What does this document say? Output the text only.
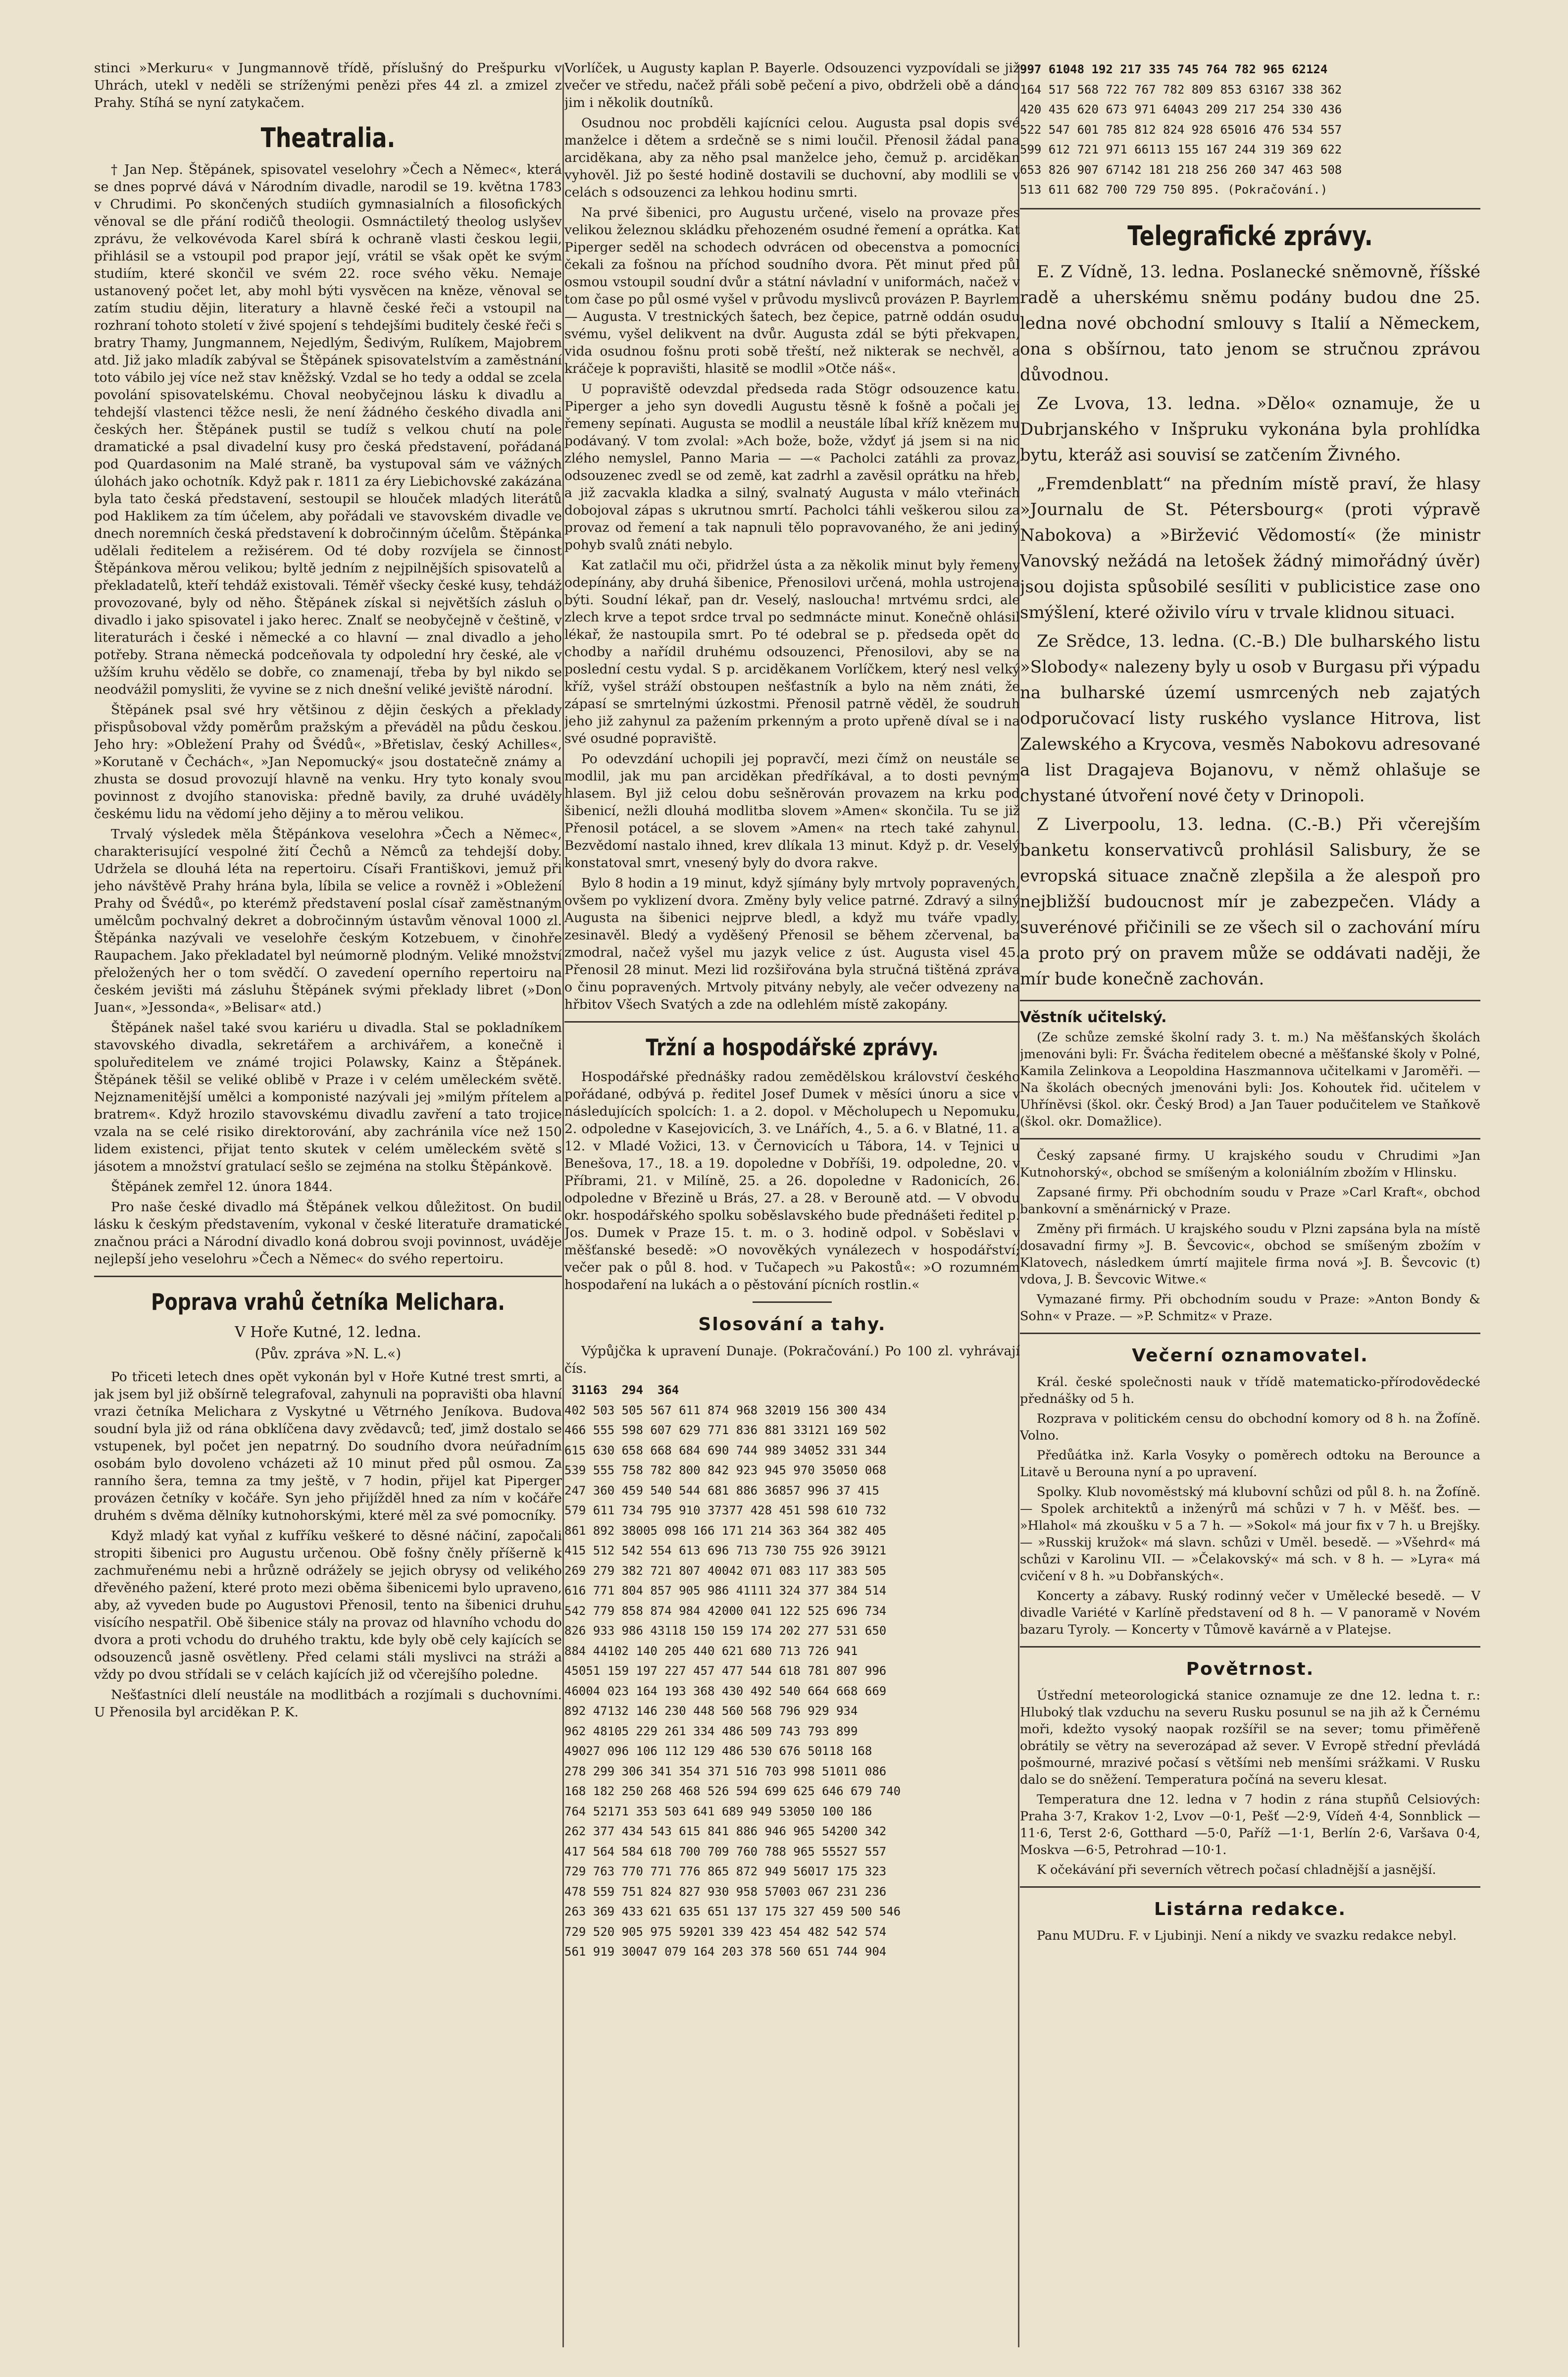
stinci »Merkuru« v Jungmannově třídě, příslušný do Prešpurku v Uhrách, utekl v neděli se stríženými penězi přes 44 zl. a zmizel z Prahy. Stíhá se nyní zatykačem.

Theatralia.

† Jan Nep. Štěpánek, spisovatel veselohry »Čech a Němec«, která se dnes poprvé dává v Národním divadle, narodil se 19. května 1783 v Chrudimi. Po skončených studiích gymnasialních a filosofických věnoval se dle přání rodičů theologii. Osmnáctiletý theolog uslyšev zprávu, že velkovévoda Karel sbírá k ochraně vlasti českou legii, přihlásil se a vstoupil pod prapor její, vrátil se však opět ke svým studiím, které skončil ve svém 22. roce svého věku. Nemaje ustanovený počet let, aby mohl býti vysvěcen na kněze, věnoval se zatím studiu dějin, literatury a hlavně české řeči a vstoupil na rozhraní tohoto století v živé spojení s tehdejšími buditely české řeči s bratry Thamy, Jungmannem, Nejedlým, Šedivým, Rulíkem, Majobrem atd. Již jako mladík zabýval se Štěpánek spisovatelstvím a zaměstnání toto vábilo jej více než stav kněžský. Vzdal se ho tedy a oddal se zcela povolání spisovatelskému. Choval neobyčejnou lásku k divadlu a tehdejší vlastenci těžce nesli, že není žádného českého divadla ani českých her. Štěpánek pustil se tudíž s velkou chutí na pole dramatické a psal divadelní kusy pro česká představení, pořádaná pod Quardasonim na Malé straně, ba vystupoval sám ve vážných úlohách jako ochotník. Když pak r. 1811 za éry Liebichovské zakázána byla tato česká představení, sestoupil se hlouček mladých literátů pod Haklikem za tím účelem, aby pořádali ve stavovském divadle ve dnech noremních česká představení k dobročinným účelům. Štěpánka udělali ředitelem a režisérem. Od té doby rozvíjela se činnost Štěpánkova měrou velikou; byltě jedním z nejpilnějších spisovatelů a překladatelů, kteří tehdáž existovali. Téměř všecky české kusy, tehdáž provozované, byly od něho. Štěpánek získal si největších zásluh o divadlo i jako spisovatel i jako herec. Znalť se neobyčejně v češtině, v literaturách i české i německé a co hlavní — znal divadlo a jeho potřeby. Strana německá podceňovala ty odpolední hry české, ale v užším kruhu vědělo se dobře, co znamenají, třeba by byl nikdo se neodvážil pomysliti, že vyvine se z nich dnešní veliké jeviště národní.

Štěpánek psal své hry většinou z dějin českých a překlady přispůsoboval vždy poměrům pražským a převáděl na půdu českou. Jeho hry: »Obležení Prahy od Švédů«, »Břetislav, český Achilles«, »Korutaně v Čechách«, »Jan Nepomucký« jsou dostatečně známy a zhusta se dosud provozují hlavně na venku. Hry tyto konaly svou povinnost z dvojího stanoviska: předně bavily, za druhé uváděly českému lidu na vědomí jeho dějiny a to měrou velikou.

Trvalý výsledek měla Štěpánkova veselohra »Čech a Němec«, charakterisující vespolné žití Čechů a Němců za tehdejší doby. Udržela se dlouhá léta na repertoiru. Císaři Františkovi, jemuž při jeho návštěvě Prahy hrána byla, líbila se velice a rovněž i »Obležení Prahy od Švédů«, po kterémž představení poslal císař zaměstnaným umělcům pochvalný dekret a dobročinným ústavům věnoval 1000 zl. Štěpánka nazývali ve veselohře českým Kotzebuem, v činohře Raupachem. Jako překladatel byl neúmorně plodným. Veliké množství přeložených her o tom svědčí. O zavedení operního repertoiru na českém jevišti má zásluhu Štěpánek svými překlady libret (»Don Juan«, »Jessonda«, »Belisar« atd.)

Štěpánek našel také svou kariéru u divadla. Stal se pokladníkem stavovského divadla, sekretářem a archivářem, a konečně i spoluředitelem ve známé trojici Polawsky, Kainz a Štěpánek. Štěpánek těšil se veliké oblibě v Praze i v celém uměleckém světě. Nejznamenitější umělci a komponisté nazývali jej »milým přítelem a bratrem«. Když hrozilo stavovskému divadlu zavření a tato trojice vzala na se celé risiko direktorování, aby zachránila více než 150 lidem existenci, přijat tento skutek v celém uměleckém světě s jásotem a množství gratulací sešlo se zejména na stolku Štěpánkově.

Štěpánek zemřel 12. února 1844.

Pro naše české divadlo má Štěpánek velkou důležitost. On budil lásku k českým představením, vykonal v české literatuře dramatické značnou práci a Národní divadlo koná dobrou svoji povinnost, uváděje nejlepší jeho veselohru »Čech a Němec« do svého repertoiru.

Poprava vrahů četníka Melichara.
V Hoře Kutné, 12. ledna.
(Pův. zpráva »N. L.«)

Po třiceti letech dnes opět vykonán byl v Hoře Kutné trest smrti, a jak jsem byl již obšírně telegrafoval, zahynuli na popravišti oba hlavní vrazi četníka Melichara z Vyskytné u Větrného Jeníkova. Budova soudní byla již od rána obklíčena davy zvědavců; teď, jimž dostalo se vstupenek, byl počet jen nepatrný. Do soudního dvora neúřadním osobám bylo dovoleno vcházeti až 10 minut před půl osmou. Za ranního šera, temna za tmy ještě, v 7 hodin, přijel kat Piperger provázen četníky v kočáře. Syn jeho přijížděl hned za ním v kočáře druhém s dvěma dělníky kutnohorskými, které měl za své pomocníky.

Když mladý kat vyňal z kufříku veškeré to děsné náčiní, započali stropiti šibenici pro Augustu určenou. Obě fošny čněly příšerně k zachmuřenému nebi a hrůzně odrážely se jejich obrysy od velikého dřevěného pažení, které proto mezi oběma šibenicemi bylo upraveno, aby, až vyveden bude po Augustovi Přenosil, tento na šibenici druhu visícího nespatřil. Obě šibenice stály na provaz od hlavního vchodu do dvora a proti vchodu do druhého traktu, kde byly obě cely kajících se odsouzenců jasně osvětleny. Před celami stáli myslivci na stráži a vždy po dvou střídali se v celách kajících již od včerejšího poledne.

Nešťastníci dlelí neustále na modlitbách a rozjímali s duchovními. U Přenosila byl arciděkan P. K.

Vorlíček, u Augusty kaplan P. Bayerle. Odsouzenci vyzpovídali se již večer ve středu, načež přáli sobě pečení a pivo, obdrželi obě a dáno jim i několik doutníků.

Osudnou noc probděli kajícníci celou. Augusta psal dopis své manželce i dětem a srdečně se s nimi loučil. Přenosil žádal pana arciděkana, aby za něho psal manželce jeho, čemuž p. arciděkan vyhověl. Již po šesté hodině dostavili se duchovní, aby modlili se v celách s odsouzenci za lehkou hodinu smrti.

Na prvé šibenici, pro Augustu určené, viselo na provaze přes velikou železnou skládku přehozeném osudné řemení a oprátka. Kat Piperger seděl na schodech odvrácen od obecenstva a pomocníci čekali za fošnou na příchod soudního dvora. Pět minut před půl osmou vstoupil soudní dvůr a státní návladní v uniformách, načež v tom čase po půl osmé vyšel v průvodu myslivců provázen P. Bayrlem — Augusta. V trestnických šatech, bez čepice, patrně oddán osudu svému, vyšel delikvent na dvůr. Augusta zdál se býti překvapen, vida osudnou fošnu proti sobě třeští, než nikterak se nechvěl, a kráčeje k popravišti, hlasitě se modlil »Otče náš«.

U popraviště odevzdal předseda rada Stögr odsouzence katu. Piperger a jeho syn dovedli Augustu těsně k fošně a počali jej řemeny sepínati. Augusta se modlil a neustále líbal kříž knězem mu podávaný. V tom zvolal: »Ach bože, bože, vždyť já jsem si na nic zlého nemyslel, Panno Maria — —« Pacholci zatáhli za provaz, odsouzenec zvedl se od země, kat zadrhl a zavěsil oprátku na hřeb, a již zacvakla kladka a silný, svalnatý Augusta v málo vteřinách dobojoval zápas s ukrutnou smrtí. Pacholci táhli veškerou silou za provaz od řemení a tak napnuli tělo popravovaného, že ani jediný pohyb svalů znáti nebylo.

Kat zatlačil mu oči, přidržel ústa a za několik minut byly řemeny odepínány, aby druhá šibenice, Přenosilovi určená, mohla ustrojena býti. Soudní lékař, pan dr. Veselý, nasloucha! mrtvému srdci, ale zlech krve a tepot srdce trval po sedmnácte minut. Konečně ohlásil lékař, že nastoupila smrt. Po té odebral se p. předseda opět do chodby a nařídil druhému odsouzenci, Přenosilovi, aby se na poslední cestu vydal. S p. arciděkanem Vorlíčkem, který nesl velký kříž, vyšel stráží obstoupen nešťastník a bylo na něm znáti, že zápasí se smrtelnými úzkostmi. Přenosil patrně věděl, že soudruh jeho již zahynul za pažením prkenným a proto upřeně díval se i na své osudné popraviště.

Po odevzdání uchopili jej popravčí, mezi čímž on neustále se modlil, jak mu pan arciděkan předříkával, a to dosti pevným hlasem. Byl již celou dobu sešněrován provazem na krku pod šibenicí, nežli dlouhá modlitba slovem »Amen« skončila. Tu se již Přenosil potácel, a se slovem »Amen« na rtech také zahynul. Bezvědomí nastalo ihned, krev dlíkala 13 minut. Když p. dr. Veselý konstatoval smrt, vnesený byly do dvora rakve.

Bylo 8 hodin a 19 minut, když sjímány byly mrtvoly popravených, ovšem po vyklizení dvora. Změny byly velice patrné. Zdravý a silný Augusta na šibenici nejprve bledl, a když mu tváře vpadly, zesinavěl. Bledý a vyděšený Přenosil se během zčervenal, ba zmodral, načež vyšel mu jazyk velice z úst. Augusta visel 45. Přenosil 28 minut. Mezi lid rozšiřována byla stručná tištěná zpráva o činu popravených. Mrtvoly pitvány nebyly, ale večer odvezeny na hřbitov Všech Svatých a zde na odlehlém místě zakopány.

Tržní a hospodářské zprávy.

Hospodářské přednášky radou zemědělskou království českého pořádané, odbývá p. ředitel Josef Dumek v měsíci únoru a sice v následujících spolcích: 1. a 2. dopol. v Měcholupech u Nepomuku, 2. odpoledne v Kasejovicích, 3. ve Lnářích, 4., 5. a 6. v Blatné, 11. a 12. v Mladé Vožici, 13. v Černovicích u Tábora, 14. v Tejnici u Benešova, 17., 18. a 19. dopoledne v Dobříši, 19. odpoledne, 20. v Příbrami, 21. v Milíně, 25. a 26. dopoledne v Radonicích, 26. odpoledne v Březině u Brás, 27. a 28. v Berouně atd. — V obvodu okr. hospodářského spolku soběslavského bude přednášeti ředitel p. Jos. Dumek v Praze 15. t. m. o 3. hodině odpol. v Soběslavi v měšťanské besedě: »O novověkých vynálezech v hospodářství; večer pak o půl 8. hod. v Tučapech »u Pakostů«: »O rozumném hospodaření na lukách a o pěstování pícních rostlin.«

Slosování a tahy.

Výpůjčka k upravení Dunaje. (Pokračování.) Po 100 zl. vyhrávají čís.

31163  294  364
402 503 505 567 611 874 968 32019 156 300 434
466 555 598 607 629 771 836 881 33121 169 502
615 630 658 668 684 690 744 989 34052 331 344
539 555 758 782 800 842 923 945 970 35050 068
247 360 459 540 544 681 886 36857 996 37 415
579 611 734 795 910 37377 428 451 598 610 732
861 892 38005 098 166 171 214 363 364 382 405
415 512 542 554 613 696 713 730 755 926 39121
269 279 382 721 807 40042 071 083 117 383 505
616 771 804 857 905 986 41111 324 377 384 514
542 779 858 874 984 42000 041 122 525 696 734
826 933 986 43118 150 159 174 202 277 531 650
884 44102 140 205 440 621 680 713 726 941
45051 159 197 227 457 477 544 618 781 807 996
46004 023 164 193 368 430 492 540 664 668 669
892 47132 146 230 448 560 568 796 929 934
962 48105 229 261 334 486 509 743 793 899
49027 096 106 112 129 486 530 676 50118 168
278 299 306 341 354 371 516 703 998 51011 086
168 182 250 268 468 526 594 699 625 646 679 740
764 52171 353 503 641 689 949 53050 100 186
262 377 434 543 615 841 886 946 965 54200 342
417 564 584 618 700 709 760 788 965 55527 557
729 763 770 771 776 865 872 949 56017 175 323
478 559 751 824 827 930 958 57003 067 231 236
263 369 433 621 635 651 137 175 327 459 500 546
729 520 905 975 59201 339 423 454 482 542 574
561 919 30047 079 164 203 378 560 651 744 904
997 61048 192 217 335 745 764 782 965 62124
164 517 568 722 767 782 809 853 63167 338 362
420 435 620 673 971 64043 209 217 254 330 436
522 547 601 785 812 824 928 65016 476 534 557
599 612 721 971 66113 155 167 244 319 369 622
653 826 907 67142 181 218 256 260 347 463 508
513 611 682 700 729 750 895. (Pokračování.)
Telegrafické zprávy.

E. Z Vídně, 13. ledna. Poslanecké sněmovně, říšské radě a uherskému sněmu podány budou dne 25. ledna nové obchodní smlouvy s Italií a Německem, ona s obšírnou, tato jenom se stručnou zprávou důvodnou.

Ze Lvova, 13. ledna. »Dělo« oznamuje, že u Dubrjanského v Inšpruku vykonána byla prohlídka bytu, kteráž asi souvisí se zatčením Živného.

„Fremdenblatt“ na předním místě praví, že hlasy »Journalu de St. Pétersbourg« (proti výpravě Nabokova) a »Biržević Vědomostí« (že ministr Vanovský nežádá na letošek žádný mimořádný úvěr) jsou dojista spůsobilé sesíliti v publicistice zase ono smýšlení, které oživilo víru v trvale klidnou situaci.

Ze Srědce, 13. ledna. (C.-B.) Dle bulharského listu »Slobody« nalezeny byly u osob v Burgasu při výpadu na bulharské území usmrcených neb zajatých odporučovací listy ruského vyslance Hitrova, list Zalewského a Krycova, vesměs Nabokovu adresované a list Dragajeva Bojanovu, v němž ohlašuje se chystané útvoření nové čety v Drinopoli.

Z Liverpoolu, 13. ledna. (C.-B.) Při včerejším banketu konservativců prohlásil Salisbury, že se evropská situace značně zlepšila a že alespoň pro nejbližší budoucnost mír je zabezpečen. Vlády a suverénové přičinili se ze všech sil o zachování míru a proto prý on pravem může se oddávati naději, že mír bude konečně zachován.

Věstník učitelský.

(Ze schůze zemské školní rady 3. t. m.) Na měšťanských školách jmenováni byli: Fr. Šváchа ředitelem obecné a měšťanské školy v Polné, Kamila Zelinkova a Leopoldina Haszmannova učitelkami v Jaroměři. — Na školách obecných jmenováni byli: Jos. Kohoutek řid. učitelem v Uhříněvsi (škol. okr. Český Brod) a Jan Tauer podučitelem ve Staňkově (škol. okr. Domažlice).

Český zapsané firmy. U krajského soudu v Chrudimi »Jan Kutnohorský«, obchod se smíšeným a koloniálním zbožím v Hlinsku.

Zapsané firmy. Při obchodním soudu v Praze »Carl Kraft«, obchod bankovní a směnárnický v Praze.

Změny při firmách. U krajského soudu v Plzni zapsána byla na místě dosavadní firmy »J. B. Ševcovic«, obchod se smíšeným zbožím v Klatovech, následkem úmrtí majitele firma nová »J. B. Ševcovic (t) vdova, J. B. Ševcovic Witwe.«

Vymazané firmy. Při obchodním soudu v Praze: »Anton Bondy & Sohn« v Praze. — »P. Schmitz« v Praze.

Večerní oznamovatel.

Král. české společnosti nauk v třídě matematicko-přírodovědecké přednášky od 5 h.

Rozprava v politickém censu do obchodní komory od 8 h. na Žofíně. Volno.

Předůátka inž. Karla Vosyky o poměrech odtoku na Berounce a Litavě u Berouna nyní a po upravení.

Spolky. Klub novoměstský má klubovní schůzi od půl 8. h. na Žofíně. — Spolek architektů a inženýrů má schůzi v 7 h. v Měšť. bes. — »Hlahol« má zkoušku v 5 a 7 h. — »Sokol« má jour fix v 7 h. u Brejšky. — »Russkij kružok« má slavn. schůzi v Uměl. besedě. — »Všehrd« má schůzi v Karolinu VII. — »Čelakovský« má sch. v 8 h. — »Lyra« má cvičení v 8 h. »u Dobřanských«.

Koncerty a zábavy. Ruský rodinný večer v Umělecké besedě. — V divadle Variété v Karlíně představení od 8 h. — V panoramě v Novém bazaru Tyroly. — Koncerty v Tůmově kavárně a v Platejse.

Povětrnost.

Ústřední meteorologická stanice oznamuje ze dne 12. ledna t. r.: Hluboký tlak vzduchu na severu Rusku posunul se na jih až k Černému moři, kdežto vysoký naopak rozšířil se na sever; tomu přiměřeně obrátily se větry na severozápad až sever. V Evropě střední převládá pošmourné, mrazivé počasí s většími neb menšími srážkami. V Rusku dalo se do sněžení. Temperatura počíná na severu klesat.

Temperatura dne 12. ledna v 7 hodin z rána stupňů Celsiových: Praha 3·7, Krakov 1·2, Lvov —0·1, Pešť —2·9, Vídeň 4·4, Sonnblick —11·6, Terst 2·6, Gotthard —5·0, Paříž —1·1, Berlín 2·6, Varšava 0·4, Moskva —6·5, Petrohrad —10·1.

K očekávání při severních větrech počasí chladnější a jasnější.

Listárna redakce.

Panu MUDru. F. v Ljubinji. Není a nikdy ve svazku redakce nebyl.
